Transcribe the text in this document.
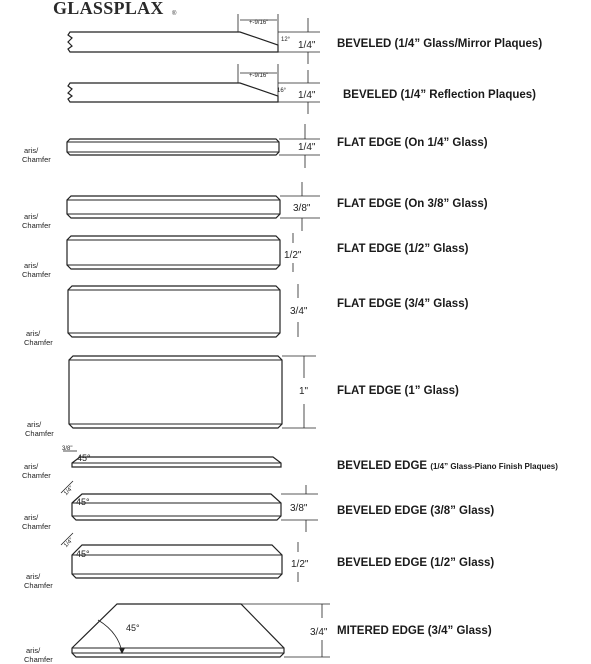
GLASSPLAX ®
+-9/16"
12° 1/4" BEVELED (1/4” Glass/Mirror Plaques)
+-9/16"
16° 1/4" BEVELED (1/4” Reflection Plaques)
1/4"
aris/
Chamfer
FLAT EDGE (On 1/4” Glass)
3/8"
aris/
Chamfer
FLAT EDGE (On 3/8” Glass)
1/2"
aris/
Chamfer
FLAT EDGE (1/2” Glass)
3/4"
aris/
Chamfer
FLAT EDGE (3/4” Glass)
1"
aris/
Chamfer
FLAT EDGE (1” Glass)
45°
3/8"
aris/
Chamfer
BEVELED EDGE (1/4” Glass-Piano Finish Plaques)
45°
1/4"
3/8"
aris/
Chamfer
BEVELED EDGE (3/8” Glass)
45°
1/4"
1/2"
aris/
Chamfer
BEVELED EDGE (1/2” Glass)
45°	3/4"
aris/
Chamfer
MITERED EDGE (3/4” Glass)
